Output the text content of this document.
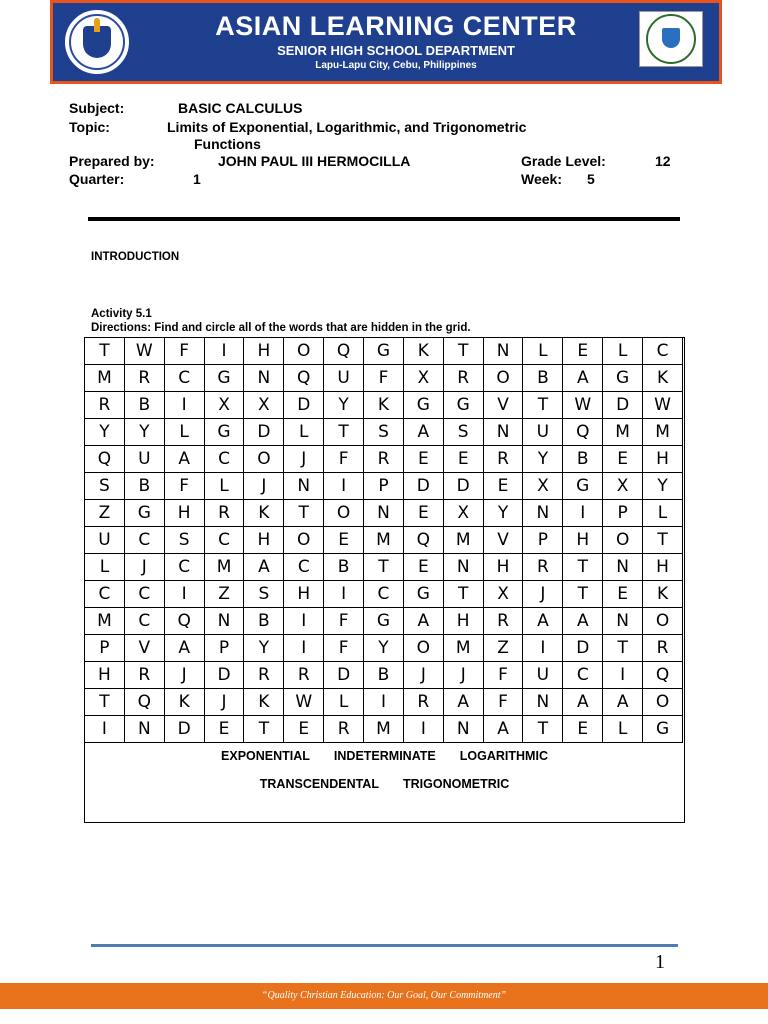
ASIAN LEARNING CENTER
SENIOR HIGH SCHOOL DEPARTMENT
Lapu-Lapu City, Cebu, Philippines
Subject:	BASIC CALCULUS
Topic:	Limits of Exponential, Logarithmic, and Trigonometric
Functions
Prepared by:	JOHN PAUL III HERMOCILLA	Grade Level:	12
Quarter:	1	Week: 5
INTRODUCTION
Activity 5.1
Directions: Find and circle all of the words that are hidden in the grid.
T	W	F	I	H	O	Q	G	K	T	N	L	E	L	C
M	R	C	G	N	Q	U	F	X	R	O	B	A	G	K
R	B	I	X	X	D	Y	K	G	G	V	T	W	D	W
Y	Y	L	G	D	L	T	S	A	S	N	U	Q	M	M
Q	U	A	C	O	J	F	R	E	E	R	Y	B	E	H
S	B	F	L	J	N	I	P	D	D	E	X	G	X	Y
Z	G	H	R	K	T	O	N	E	X	Y	N	I	P	L
U	C	S	C	H	O	E	M	Q	M	V	P	H	O	T
L	J	C	M	A	C	B	T	E	N	H	R	T	N	H
C	C	I	Z	S	H	I	C	G	T	X	J	T	E	K
M	C	Q	N	B	I	F	G	A	H	R	A	A	N	O
P	V	A	P	Y	I	F	Y	O	M	Z	I	D	T	R
H	R	J	D	R	R	D	B	J	J	F	U	C	I	Q
T	Q	K	J	K	W	L	I	R	A	F	N	A	A	O
I	N	D	E	T	E	R	M	I	N	A	T	E	L	G
EXPONENTIAL INDETERMINATE LOGARITHMIC
TRANSCENDENTAL TRIGONOMETRIC
1
“Quality Christian Education: Our Goal, Our Commitment”
